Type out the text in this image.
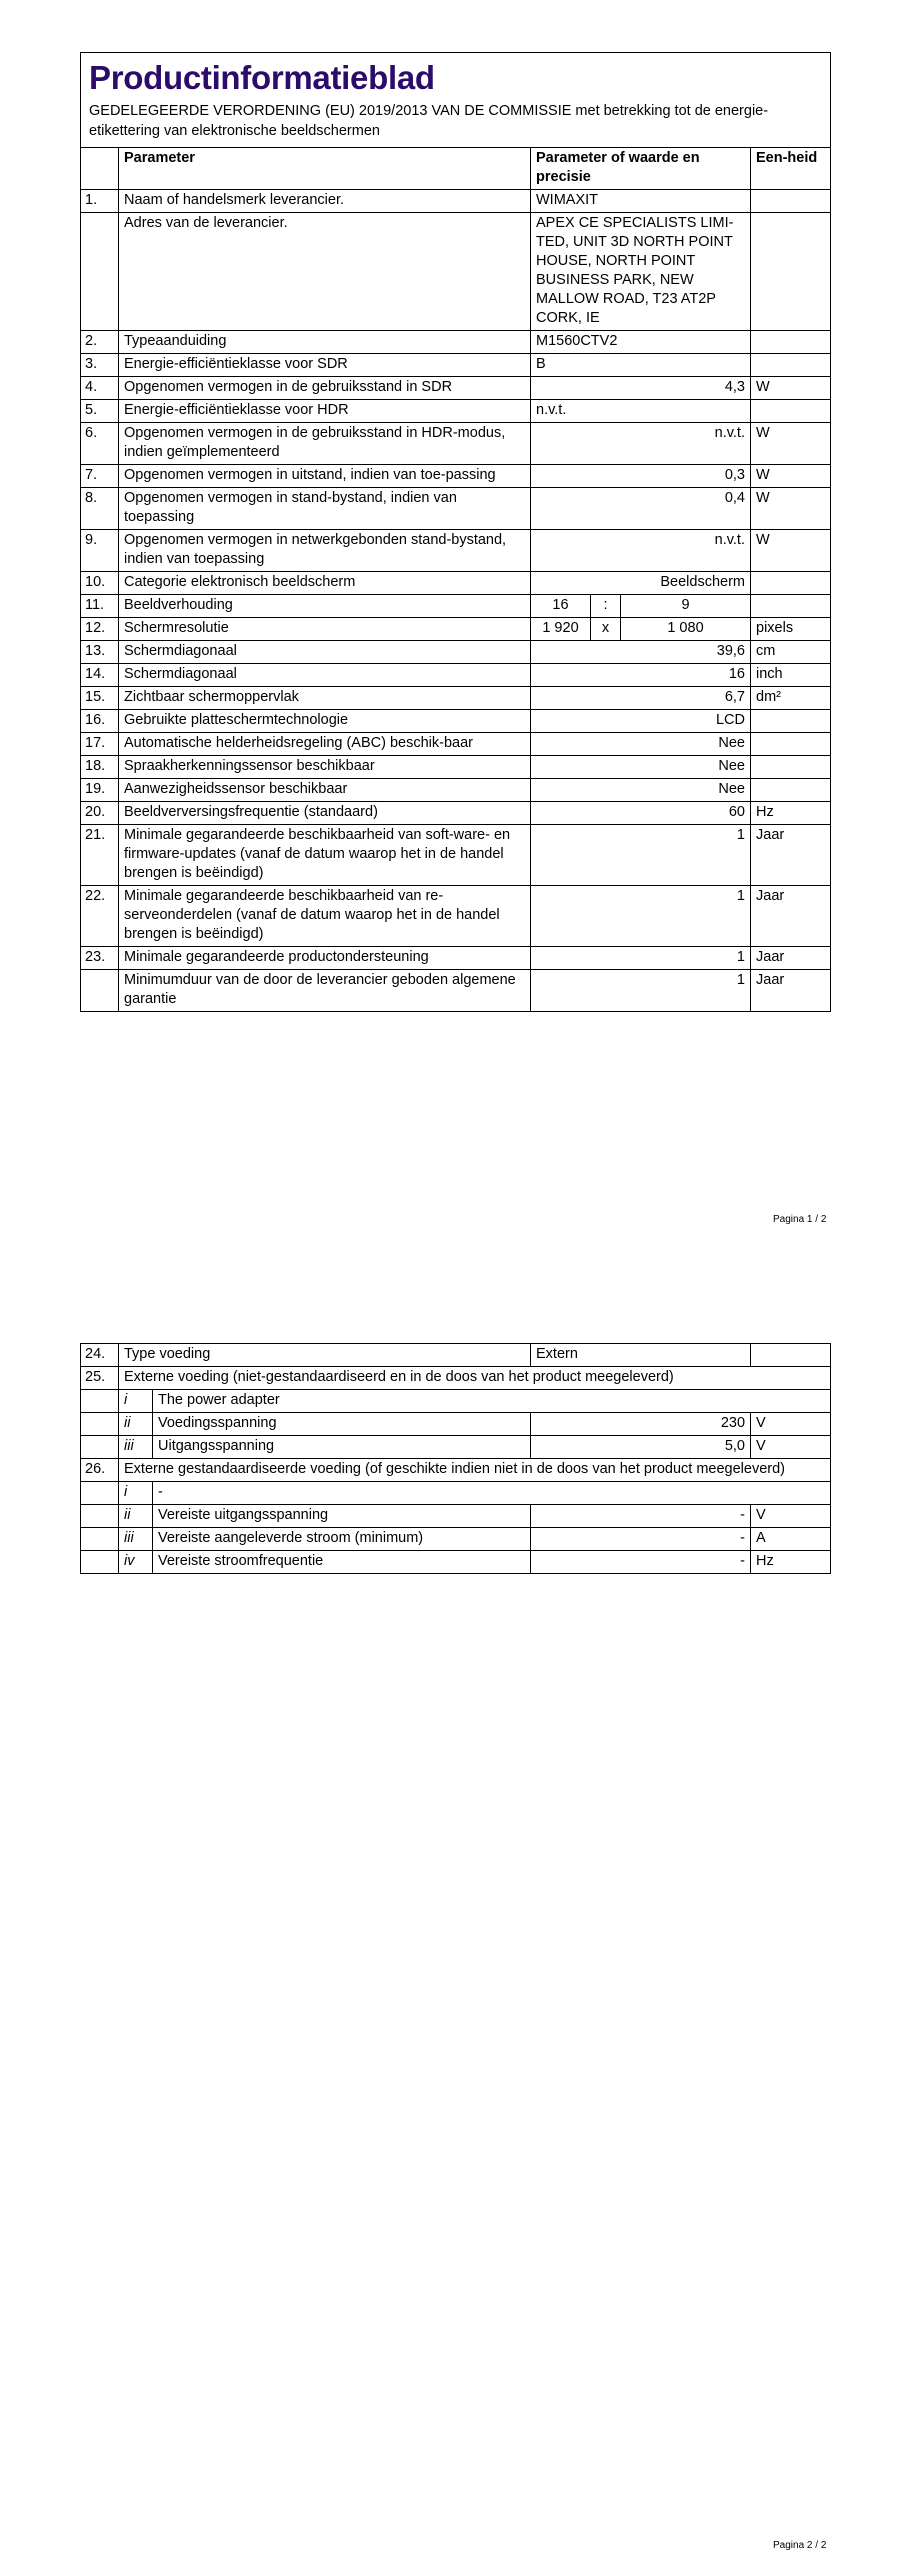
Productinformatieblad
GEDELEGEERDE VERORDENING (EU) 2019/2013 VAN DE COMMISSIE met betrekking tot de energie-etikettering van elektronische beeldschermen					

	Parameter	Parameter of waarde en precisie			Een-heid
1.	Naam of handelsmerk leverancier.	WIMAXIT			
	Adres van de leverancier.	APEX CE SPECIALISTS LIMI-TED, UNIT 3D NORTH POINT HOUSE, NORTH POINT BUSINESS PARK, NEW MALLOW ROAD, T23 AT2P CORK, IE			
2.	Typeaanduiding	M1560CTV2			
3.	Energie-efficiëntieklasse voor SDR	B			
4.	Opgenomen vermogen in de gebruiksstand in SDR	4,3			W
5.	Energie-efficiëntieklasse voor HDR	n.v.t.			
6.	Opgenomen vermogen in de gebruiksstand in HDR-modus, indien geïmplementeerd	n.v.t.			W
7.	Opgenomen vermogen in uitstand, indien van toe-passing	0,3			W
8.	Opgenomen vermogen in stand-bystand, indien van toepassing	0,4			W
9.	Opgenomen vermogen in netwerkgebonden stand-bystand, indien van toepassing	n.v.t.			W
10.	Categorie elektronisch beeldscherm	Beeldscherm			
11.	Beeldverhouding	16	:	9	
12.	Schermresolutie	1 920	x	1 080	pixels
13.	Schermdiagonaal	39,6			cm
14.	Schermdiagonaal	16			inch
15.	Zichtbaar schermoppervlak	6,7			dm²
16.	Gebruikte platteschermtechnologie	LCD			
17.	Automatische helderheidsregeling (ABC) beschik-baar	Nee			
18.	Spraakherkenningssensor beschikbaar	Nee			
19.	Aanwezigheidssensor beschikbaar	Nee			
20.	Beeldverversingsfrequentie (standaard)	60			Hz
21.	Minimale gegarandeerde beschikbaarheid van soft-ware- en firmware-updates (vanaf de datum waarop het in de handel brengen is beëindigd)	1			Jaar
22.	Minimale gegarandeerde beschikbaarheid van re-serveonderdelen (vanaf de datum waarop het in de handel brengen is beëindigd)	1			Jaar
23.	Minimale gegarandeerde productondersteuning	1			Jaar
	Minimumduur van de door de leverancier geboden algemene garantie	1			Jaar
Pagina 1 / 2
24.	Type voeding		Extern	
25.	Externe voeding (niet-gestandaardiseerd en in de doos van het product meegeleverd)			
	i	The power adapter		
	ii	Voedingsspanning	230	V
	iii	Uitgangsspanning	5,0	V
26.	Externe gestandaardiseerde voeding (of geschikte indien niet in de doos van het product meegeleverd)			
	i	-		
	ii	Vereiste uitgangsspanning	-	V
	iii	Vereiste aangeleverde stroom (minimum)	-	A
	iv	Vereiste stroomfrequentie	-	Hz
Pagina 2 / 2
